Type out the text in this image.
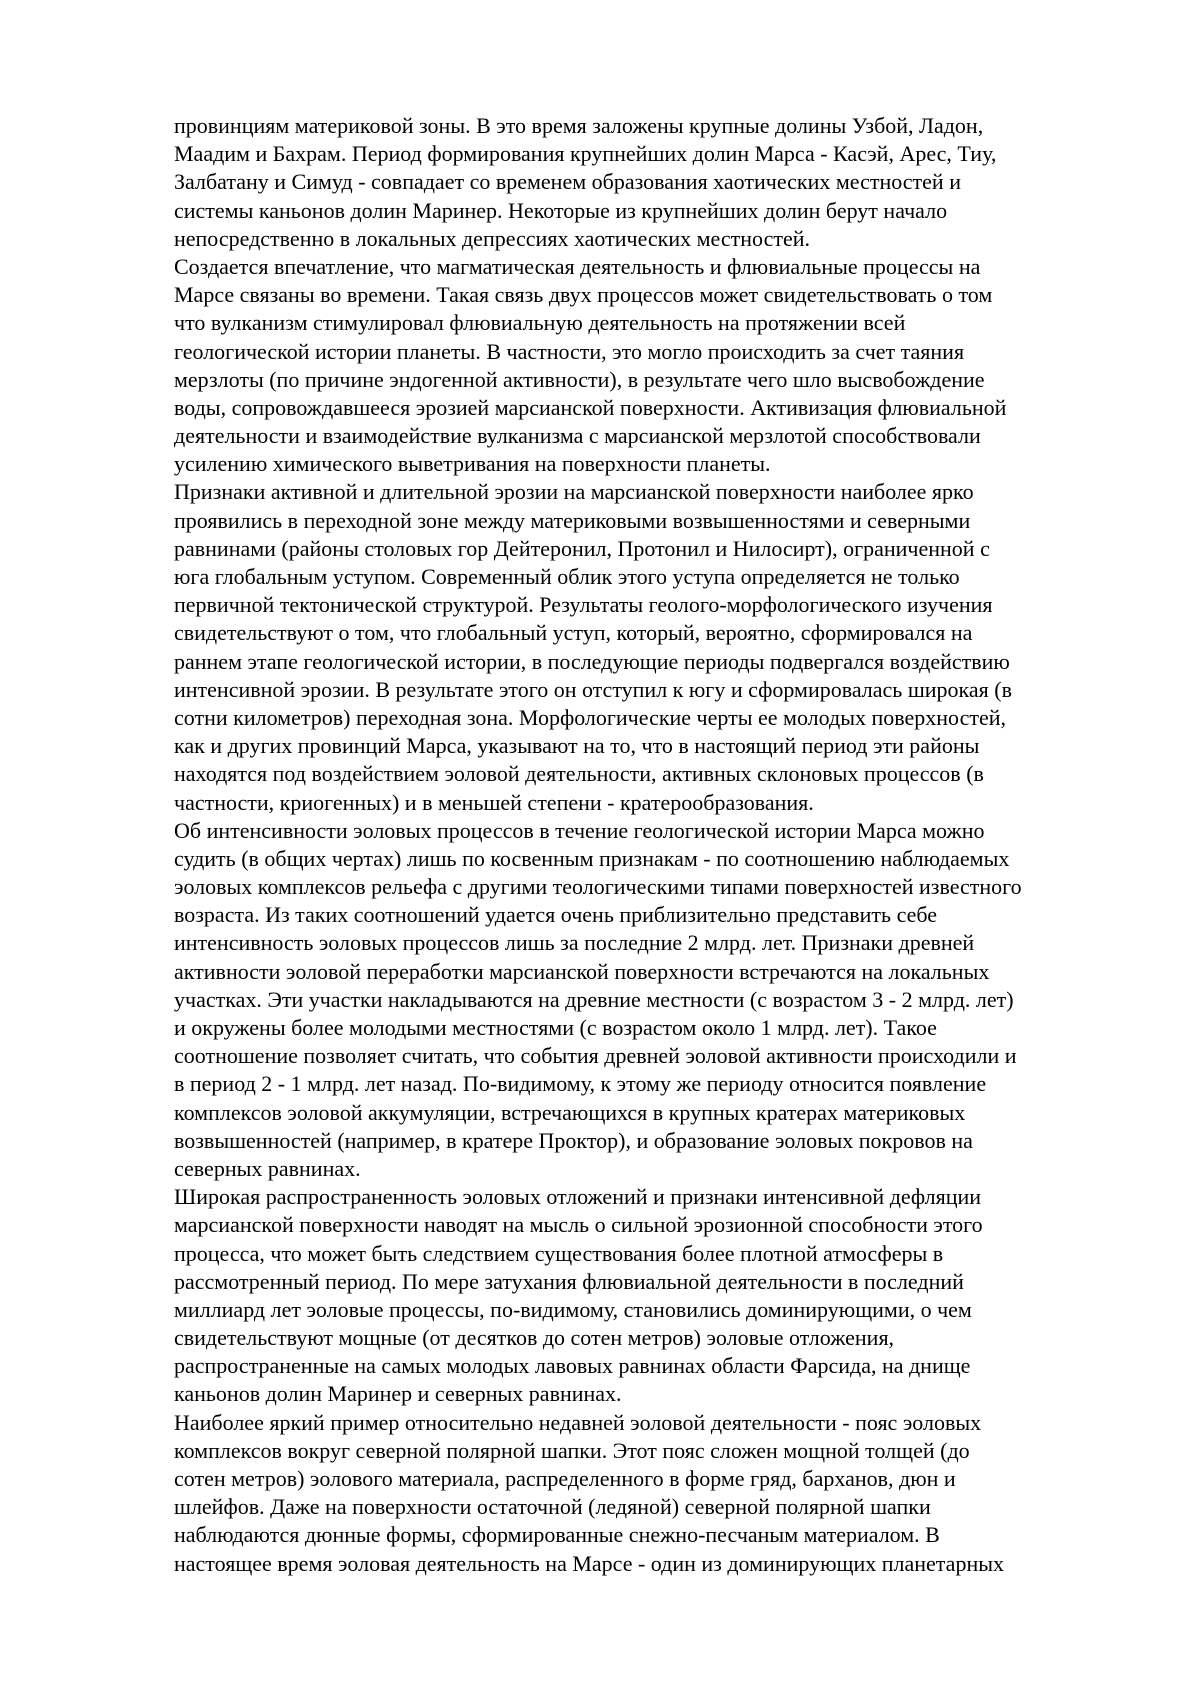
провинциям материковой зоны. В это время заложены крупные долины Узбой, Ладон,
Маадим и Бахрам. Период формирования крупнейших долин Марса - Касэй, Арес, Тиу,
Залбатану и Симуд - совпадает со временем образования хаотических местностей и
системы каньонов долин Маринер. Некоторые из крупнейших долин берут начало
непосредственно в локальных депрессиях хаотических местностей.
Создается впечатление, что магматическая деятельность и флювиальные процессы на
Марсе связаны во времени. Такая связь двух процессов может свидетельствовать о том
что вулканизм стимулировал флювиальную деятельность на протяжении всей
геологической истории планеты. В частности, это могло происходить за счет таяния
мерзлоты (по причине эндогенной активности), в результате чего шло высвобождение
воды, сопровождавшееся эрозией марсианской поверхности. Активизация флювиальной
деятельности и взаимодействие вулканизма с марсианской мерзлотой способствовали
усилению химического выветривания на поверхности планеты.
Признаки активной и длительной эрозии на марсианской поверхности наиболее ярко
проявились в переходной зоне между материковыми возвышенностями и северными
равнинами (районы столовых гор Дейтеронил, Протонил и Нилосирт), ограниченной с
юга глобальным уступом. Современный облик этого уступа определяется не только
первичной тектонической структурой. Результаты геолого-морфологического изучения
свидетельствуют о том, что глобальный уступ, который, вероятно, сформировался на
раннем этапе геологической истории, в последующие периоды подвергался воздействию
интенсивной эрозии. В результате этого он отступил к югу и сформировалась широкая (в
сотни километров) переходная зона. Морфологические черты ее молодых поверхностей,
как и других провинций Марса, указывают на то, что в настоящий период эти районы
находятся под воздействием эоловой деятельности, активных склоновых процессов (в
частности, криогенных) и в меньшей степени - кратерообразования.
Об интенсивности эоловых процессов в течение геологической истории Марса можно
судить (в общих чертах) лишь по косвенным признакам - по соотношению наблюдаемых
эоловых комплексов рельефа с другими теологическими типами поверхностей известного
возраста. Из таких соотношений удается очень приблизительно представить себе
интенсивность эоловых процессов лишь за последние 2 млрд. лет. Признаки древней
активности эоловой переработки марсианской поверхности встречаются на локальных
участках. Эти участки накладываются на древние местности (с возрастом 3 - 2 млрд. лет)
и окружены более молодыми местностями (с возрастом около 1 млрд. лет). Такое
соотношение позволяет считать, что события древней эоловой активности происходили и
в период 2 - 1 млрд. лет назад. По-видимому, к этому же периоду относится появление
комплексов эоловой аккумуляции, встречающихся в крупных кратерах материковых
возвышенностей (например, в кратере Проктор), и образование эоловых покровов на
северных равнинах.
Широкая распространенность эоловых отложений и признаки интенсивной дефляции
марсианской поверхности наводят на мысль о сильной эрозионной способности этого
процесса, что может быть следствием существования более плотной атмосферы в
рассмотренный период. По мере затухания флювиальной деятельности в последний
миллиард лет эоловые процессы, по-видимому, становились доминирующими, о чем
свидетельствуют мощные (от десятков до сотен метров) эоловые отложения,
распространенные на самых молодых лавовых равнинах области Фарсида, на днище
каньонов долин Маринер и северных равнинах.
Наиболее яркий пример относительно недавней эоловой деятельности - пояс эоловых
комплексов вокруг северной полярной шапки. Этот пояс сложен мощной толщей (до
сотен метров) эолового материала, распределенного в форме гряд, барханов, дюн и
шлейфов. Даже на поверхности остаточной (ледяной) северной полярной шапки
наблюдаются дюнные формы, сформированные снежно-песчаным материалом. В
настоящее время эоловая деятельность на Марсе - один из доминирующих планетарных
